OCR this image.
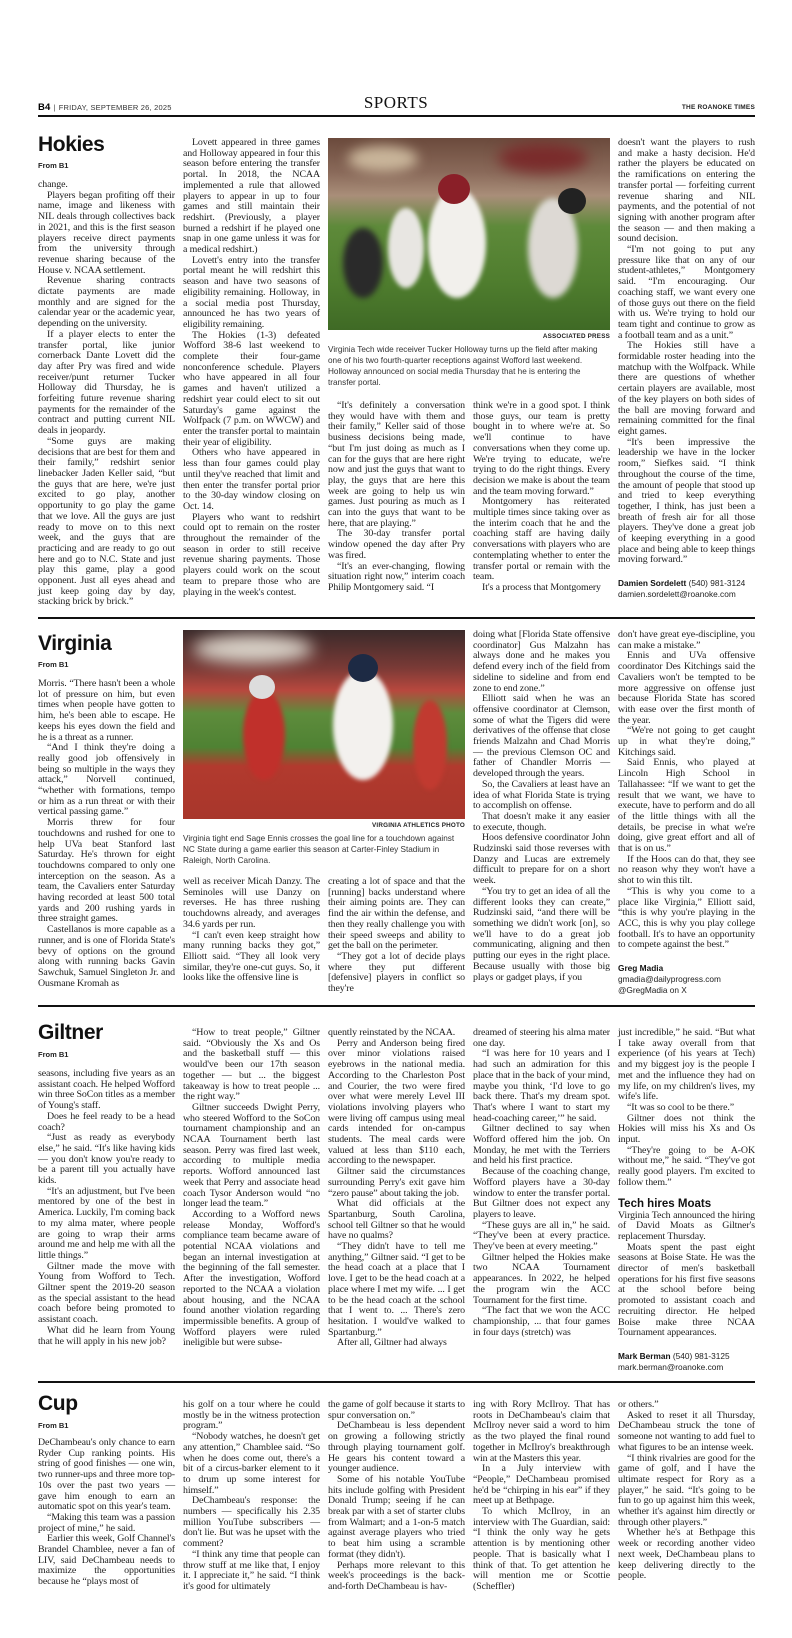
B4 | FRIDAY, SEPTEMBER 26, 2025	SPORTS	THE ROANOKE TIMES
Hokies
From B1

change.

Players began profiting off their name, image and likeness with NIL deals through collectives back in 2021, and this is the first season players receive direct payments from the university through revenue sharing because of the House v. NCAA settlement.

Revenue sharing contracts dictate payments are made monthly and are signed for the calendar year or the academic year, depending on the university.

If a player elects to enter the transfer portal, like junior cornerback Dante Lovett did the day after Pry was fired and wide receiver/punt returner Tucker Holloway did Thursday, he is forfeiting future revenue sharing payments for the remainder of the contract and putting current NIL deals in jeopardy.

“Some guys are making decisions that are best for them and their family,” redshirt senior linebacker Jaden Keller said, “but the guys that are here, we're just excited to go play, another opportunity to go play the game that we love. All the guys are just ready to move on to this next week, and the guys that are practicing and are ready to go out here and go to N.C. State and just play this game, play a good opponent. Just all eyes ahead and just keep going day by day, stacking brick by brick.”

Lovett appeared in three games and Holloway appeared in four this season before entering the transfer portal. In 2018, the NCAA implemented a rule that allowed players to appear in up to four games and still maintain their redshirt. (Previously, a player burned a redshirt if he played one snap in one game unless it was for a medical redshirt.)

Lovett's entry into the transfer portal meant he will redshirt this season and have two seasons of eligibility remaining. Holloway, in a social media post Thursday, announced he has two years of eligibility remaining.

The Hokies (1-3) defeated Wofford 38-6 last weekend to complete their four-game nonconference schedule. Players who have appeared in all four games and haven't utilized a redshirt year could elect to sit out Saturday's game against the Wolfpack (7 p.m. on WWCW) and enter the transfer portal to maintain their year of eligibility.

Others who have appeared in less than four games could play until they've reached that limit and then enter the transfer portal prior to the 30-day window closing on Oct. 14.

Players who want to redshirt could opt to remain on the roster throughout the remainder of the season in order to still receive revenue sharing payments. Those players could work on the scout team to prepare those who are playing in the week's contest.

ASSOCIATED PRESS
Virginia Tech wide receiver Tucker Holloway turns up the field after making one of his two fourth-quarter receptions against Wofford last weekend. Holloway announced on social media Thursday that he is entering the transfer portal.

“It's definitely a conversation they would have with them and their family,” Keller said of those business decisions being made, “but I'm just doing as much as I can for the guys that are here right now and just the guys that want to play, the guys that are here this week are going to help us win games. Just pouring as much as I can into the guys that want to be here, that are playing.”

The 30-day transfer portal window opened the day after Pry was fired.

“It's an ever-changing, flowing situation right now,” interim coach Philip Montgomery said. “I

think we're in a good spot. I think those guys, our team is pretty bought in to where we're at. So we'll continue to have conversations when they come up. We're trying to educate, we're trying to do the right things. Every decision we make is about the team and the team moving forward.”

Montgomery has reiterated multiple times since taking over as the interim coach that he and the coaching staff are having daily conversations with players who are contemplating whether to enter the transfer portal or remain with the team.

It's a process that Montgomery

doesn't want the players to rush and make a hasty decision. He'd rather the players be educated on the ramifications on entering the transfer portal — forfeiting current revenue sharing and NIL payments, and the potential of not signing with another program after the season — and then making a sound decision.

“I'm not going to put any pressure like that on any of our student-athletes,” Montgomery said. “I'm encouraging. Our coaching staff, we want every one of those guys out there on the field with us. We're trying to hold our team tight and continue to grow as a football team and as a unit.”

The Hokies still have a formidable roster heading into the matchup with the Wolfpack. While there are questions of whether certain players are available, most of the key players on both sides of the ball are moving forward and remaining committed for the final eight games.

“It's been impressive the leadership we have in the locker room,” Siefkes said. “I think throughout the course of the time, the amount of people that stood up and tried to keep everything together, I think, has just been a breath of fresh air for all those players. They've done a great job of keeping everything in a good place and being able to keep things moving forward.”

Damien Sordelett (540) 981-3124
damien.sordelett@roanoke.com
Virginia
From B1

Morris. “There hasn't been a whole lot of pressure on him, but even times when people have gotten to him, he's been able to escape. He keeps his eyes down the field and he is a threat as a runner.

“And I think they're doing a really good job offensively in being so multiple in the ways they attack,” Norvell continued, “whether with formations, tempo or him as a run threat or with their vertical passing game.”

Morris threw for four touchdowns and rushed for one to help UVa beat Stanford last Saturday. He's thrown for eight touchdowns compared to only one interception on the season. As a team, the Cavaliers enter Saturday having recorded at least 500 total yards and 200 rushing yards in three straight games.

Castellanos is more capable as a runner, and is one of Florida State's bevy of options on the ground along with running backs Gavin Sawchuk, Samuel Singleton Jr. and Ousmane Kromah as

VIRGINIA ATHLETICS PHOTO
Virginia tight end Sage Ennis crosses the goal line for a touchdown against NC State during a game earlier this season at Carter-Finley Stadium in Raleigh, North Carolina.

well as receiver Micah Danzy. The Seminoles will use Danzy on reverses. He has three rushing touchdowns already, and averages 34.6 yards per run.

“I can't even keep straight how many running backs they got,” Elliott said. “They all look very similar, they're one-cut guys. So, it looks like the offensive line is

creating a lot of space and that the [running] backs understand where their aiming points are. They can find the air within the defense, and then they really challenge you with their speed sweeps and ability to get the ball on the perimeter.

“They got a lot of decide plays where they put different [defensive] players in conflict so they're

doing what [Florida State offensive coordinator] Gus Malzahn has always done and he makes you defend every inch of the field from sideline to sideline and from end zone to end zone.”

Elliott said when he was an offensive coordinator at Clemson, some of what the Tigers did were derivatives of the offense that close friends Malzahn and Chad Morris — the previous Clemson OC and father of Chandler Morris — developed through the years.

So, the Cavaliers at least have an idea of what Florida State is trying to accomplish on offense.

That doesn't make it any easier to execute, though.

Hoos defensive coordinator John Rudzinski said those reverses with Danzy and Lucas are extremely difficult to prepare for on a short week.

“You try to get an idea of all the different looks they can create,” Rudzinski said, “and there will be something we didn't work [on], so we'll have to do a great job communicating, aligning and then putting our eyes in the right place. Because usually with those big plays or gadget plays, if you

don't have great eye-discipline, you can make a mistake.”

Ennis and UVa offensive coordinator Des Kitchings said the Cavaliers won't be tempted to be more aggressive on offense just because Florida State has scored with ease over the first month of the year.

“We're not going to get caught up in what they're doing,” Kitchings said.

Said Ennis, who played at Lincoln High School in Tallahassee: “If we want to get the result that we want, we have to execute, have to perform and do all of the little things with all the details, be precise in what we're doing, give great effort and all of that is on us.”

If the Hoos can do that, they see no reason why they won't have a shot to win this tilt.

“This is why you come to a place like Virginia,” Elliott said, “this is why you're playing in the ACC, this is why you play college football. It's to have an opportunity to compete against the best.”

Greg Madia
gmadia@dailyprogress.com
@GregMadia on X
Giltner
From B1

seasons, including five years as an assistant coach. He helped Wofford win three SoCon titles as a member of Young's staff.

Does he feel ready to be a head coach?

“Just as ready as everybody else,” he said. “It's like having kids — you don't know you're ready to be a parent till you actually have kids.

“It's an adjustment, but I've been mentored by one of the best in America. Luckily, I'm coming back to my alma mater, where people are going to wrap their arms around me and help me with all the little things.”

Giltner made the move with Young from Wofford to Tech. Giltner spent the 2019-20 season as the special assistant to the head coach before being promoted to assistant coach.

What did he learn from Young that he will apply in his new job?

“How to treat people,” Giltner said. “Obviously the Xs and Os and the basketball stuff — this would've been our 17th season together — but ... the biggest takeaway is how to treat people ... the right way.”

Giltner succeeds Dwight Perry, who steered Wofford to the SoCon tournament championship and an NCAA Tournament berth last season. Perry was fired last week, according to multiple media reports. Wofford announced last week that Perry and associate head coach Tysor Anderson would “no longer lead the team.”

According to a Wofford news release Monday, Wofford's compliance team became aware of potential NCAA violations and began an internal investigation at the beginning of the fall semester. After the investigation, Wofford reported to the NCAA a violation about housing, and the NCAA found another violation regarding impermissible benefits. A group of Wofford players were ruled ineligible but were subse-

quently reinstated by the NCAA.

Perry and Anderson being fired over minor violations raised eyebrows in the national media. According to the Charleston Post and Courier, the two were fired over what were merely Level III violations involving players who were living off campus using meal cards intended for on-campus students. The meal cards were valued at less than $110 each, according to the newspaper.

Giltner said the circumstances surrounding Perry's exit gave him “zero pause” about taking the job.

What did officials at the Spartanburg, South Carolina, school tell Giltner so that he would have no qualms?

“They didn't have to tell me anything,” Giltner said. “I get to be the head coach at a place that I love. I get to be the head coach at a place where I met my wife. ... I get to be the head coach at the school that I went to. ... There's zero hesitation. I would've walked to Spartanburg.”

After all, Giltner had always

dreamed of steering his alma mater one day.

“I was here for 10 years and I had such an admiration for this place that in the back of your mind, maybe you think, ‘I'd love to go back there. That's my dream spot. That's where I want to start my head-coaching career,’” he said.

Giltner declined to say when Wofford offered him the job. On Monday, he met with the Terriers and held his first practice.

Because of the coaching change, Wofford players have a 30-day window to enter the transfer portal. But Giltner does not expect any players to leave.

“These guys are all in,” he said. “They've been at every practice. They've been at every meeting.”

Giltner helped the Hokies make two NCAA Tournament appearances. In 2022, he helped the program win the ACC Tournament for the first time.

“The fact that we won the ACC championship, ... that four games in four days (stretch) was

just incredible,” he said. “But what I take away overall from that experience (of his years at Tech) and my biggest joy is the people I met and the influence they had on my life, on my children's lives, my wife's life.

“It was so cool to be there.”

Giltner does not think the Hokies will miss his Xs and Os input.

“They're going to be A-OK without me,” he said. “They've got really good players. I'm excited to follow them.”

Tech hires Moats

Virginia Tech announced the hiring of David Moats as Giltner's replacement Thursday.

Moats spent the past eight seasons at Boise State. He was the director of men's basketball operations for his first five seasons at the school before being promoted to assistant coach and recruiting director. He helped Boise make three NCAA Tournament appearances.

Mark Berman (540) 981-3125
mark.berman@roanoke.com
Cup
From B1

DeChambeau's only chance to earn Ryder Cup ranking points. His string of good finishes — one win, two runner-ups and three more top-10s over the past two years — gave him enough to earn an automatic spot on this year's team.

“Making this team was a passion project of mine,” he said.

Earlier this week, Golf Channel's Brandel Chamblee, never a fan of LIV, said DeChambeau needs to maximize the opportunities because he “plays most of

his golf on a tour where he could mostly be in the witness protection program.”

“Nobody watches, he doesn't get any attention,” Chamblee said. “So when he does come out, there's a bit of a circus-barker element to it to drum up some interest for himself.”

DeChambeau's response: the numbers — specifically his 2.35 million YouTube subscribers — don't lie. But was he upset with the comment?

“I think any time that people can throw stuff at me like that, I enjoy it. I appreciate it,” he said. “I think it's good for ultimately

the game of golf because it starts to spur conversation on.”

DeChambeau is less dependent on growing a following strictly through playing tournament golf. He gears his content toward a younger audience.

Some of his notable YouTube hits include golfing with President Donald Trump; seeing if he can break par with a set of starter clubs from Walmart; and a 1-on-5 match against average players who tried to beat him using a scramble format (they didn't).

Perhaps more relevant to this week's proceedings is the back-and-forth DeChambeau is hav-

ing with Rory McIlroy. That has roots in DeChambeau's claim that McIlroy never said a word to him as the two played the final round together in McIlroy's breakthrough win at the Masters this year.

In a July interview with “People,” DeChambeau promised he'd be “chirping in his ear” if they meet up at Bethpage.

To which McIlroy, in an interview with The Guardian, said: “I think the only way he gets attention is by mentioning other people. That is basically what I think of that. To get attention he will mention me or Scottie (Scheffler)

or others.”

Asked to reset it all Thursday, DeChambeau struck the tone of someone not wanting to add fuel to what figures to be an intense week.

“I think rivalries are good for the game of golf, and I have the ultimate respect for Rory as a player,” he said. “It's going to be fun to go up against him this week, whether it's against him directly or through other players.”

Whether he's at Bethpage this week or recording another video next week, DeChambeau plans to keep delivering directly to the people.
